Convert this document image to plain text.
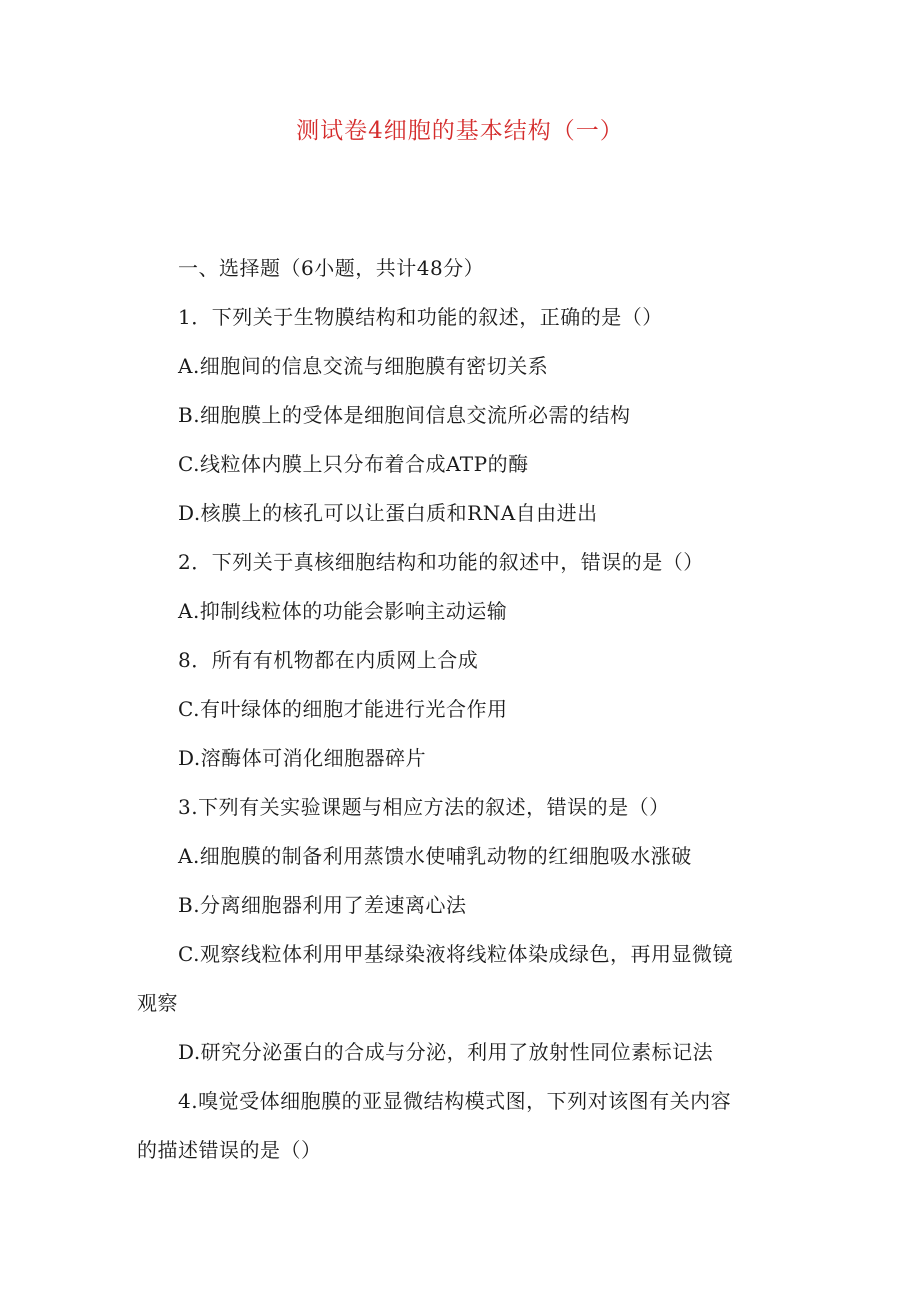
测试卷4细胞的基本结构（一）
一、选择题（6小题，共计48分）
1．下列关于生物膜结构和功能的叙述，正确的是（）
A.细胞间的信息交流与细胞膜有密切关系
B.细胞膜上的受体是细胞间信息交流所必需的结构
C.线粒体内膜上只分布着合成ATP的酶
D.核膜上的核孔可以让蛋白质和RNA自由进出
2．下列关于真核细胞结构和功能的叙述中，错误的是（）
A.抑制线粒体的功能会影响主动运输
8．所有有机物都在内质网上合成
C.有叶绿体的细胞才能进行光合作用
D.溶酶体可消化细胞器碎片
3.下列有关实验课题与相应方法的叙述，错误的是（）
A.细胞膜的制备利用蒸馈水使哺乳动物的红细胞吸水涨破
B.分离细胞器利用了差速离心法
C.观察线粒体利用甲基绿染液将线粒体染成绿色，再用显微镜
观察
D.研究分泌蛋白的合成与分泌，利用了放射性同位素标记法
4.嗅觉受体细胞膜的亚显微结构模式图，下列对该图有关内容
的描述错误的是（）
